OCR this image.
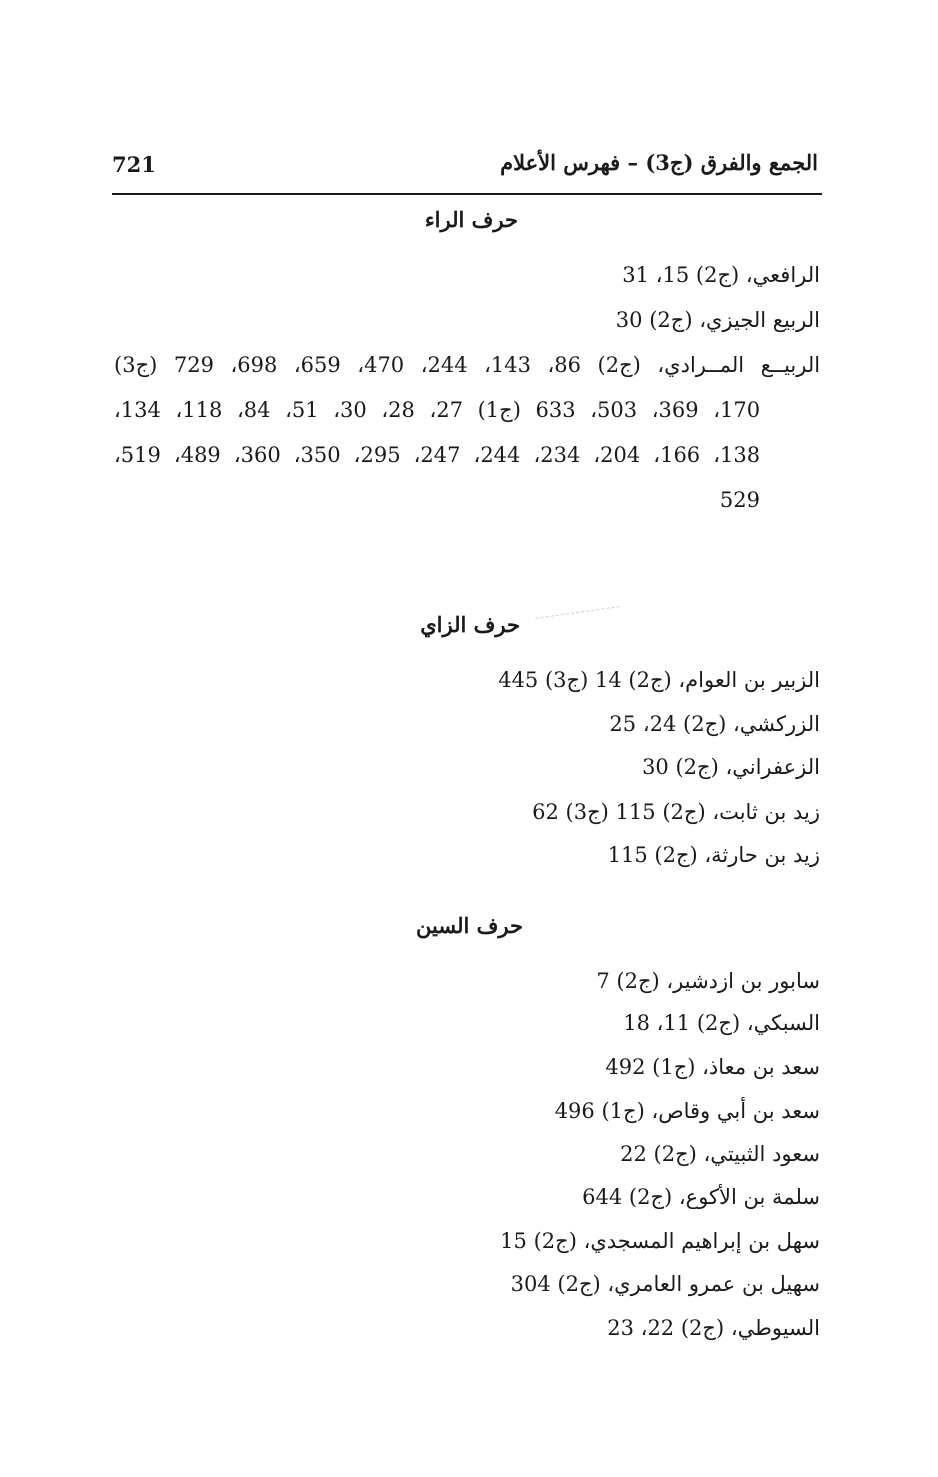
721	الجمع والفرق (ج3) – فهرس الأعلام
حرف الراء
الرافعي، (ج2) 15، 31
الربيع الجيزي، (ج2) 30
الربيــع المــرادي، (ج2) 86، 143، 244، 470، 659، 698، 729 (ج3)
170، 369، 503، 633 (ج1) 27، 28، 30، 51، 84، 118، 134،
138، 166، 204، 234، 244، 247، 295، 350، 360، 489، 519،
529
حرف الزاي
الزبير بن العوام، (ج2) 14 (ج3) 445
الزركشي، (ج2) 24، 25
الزعفراني، (ج2) 30
زيد بن ثابت، (ج2) 115 (ج3) 62
زيد بن حارثة، (ج2) 115
حرف السين
سابور بن ازدشير، (ج2) 7
السبكي، (ج2) 11، 18
سعد بن معاذ، (ج1) 492
سعد بن أبي وقاص، (ج1) 496
سعود الثبيتي، (ج2) 22
سلمة بن الأكوع، (ج2) 644
سهل بن إبراهيم المسجدي، (ج2) 15
سهيل بن عمرو العامري، (ج2) 304
السيوطي، (ج2) 22، 23
